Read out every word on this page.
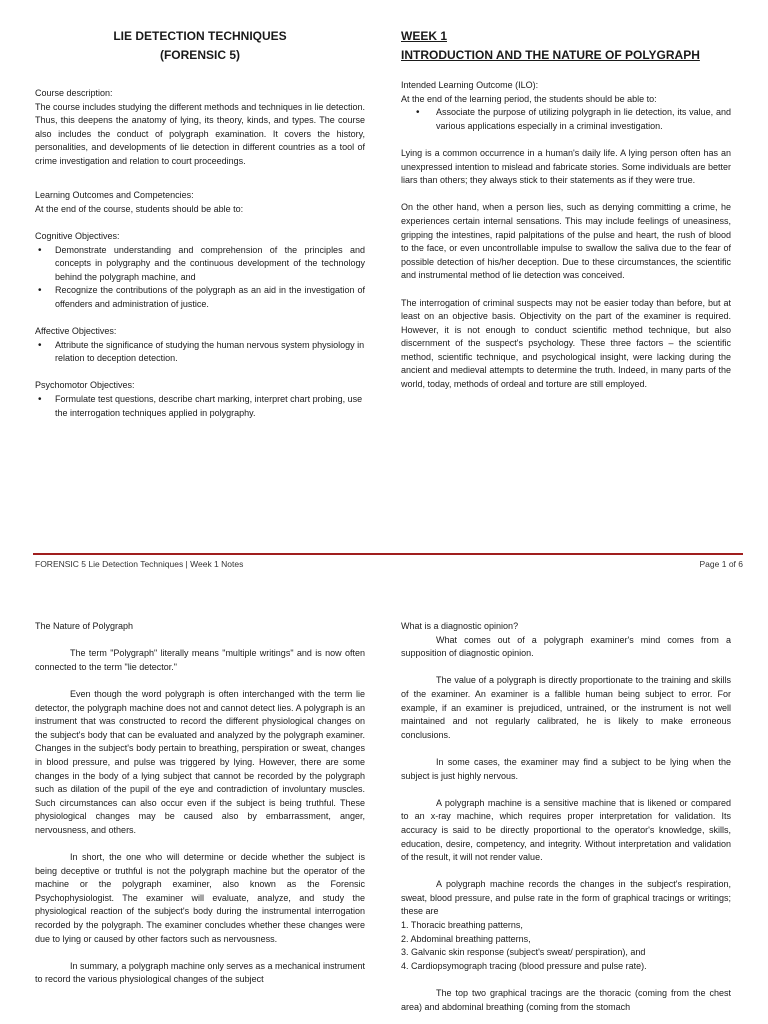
LIE DETECTION TECHNIQUES
(FORENSIC 5)

Course description:

The course includes studying the different methods and techniques in lie detection. Thus, this deepens the anatomy of lying, its theory, kinds, and types. The course also includes the conduct of polygraph examination. It covers the history, personalities, and developments of lie detection in different countries as a tool of crime investigation and relation to court proceedings.

Learning Outcomes and Competencies:

At the end of the course, students should be able to:

Cognitive Objectives:

• Demonstrate understanding and comprehension of the principles and concepts in polygraphy and the continuous development of the technology behind the polygraph machine, and
• Recognize the contributions of the polygraph as an aid in the investigation of offenders and administration of justice.

Affective Objectives:

• Attribute the significance of studying the human nervous system physiology in relation to deception detection.

Psychomotor Objectives:

• Formulate test questions, describe chart marking, interpret chart probing, use the interrogation techniques applied in polygraphy.
WEEK 1
INTRODUCTION AND THE NATURE OF POLYGRAPH

Intended Learning Outcome (ILO):

At the end of the learning period, the students should be able to:

• Associate the purpose of utilizing polygraph in lie detection, its value, and various applications especially in a criminal investigation.

Lying is a common occurrence in a human's daily life. A lying person often has an unexpressed intention to mislead and fabricate stories. Some individuals are better liars than others; they always stick to their statements as if they were true.

On the other hand, when a person lies, such as denying committing a crime, he experiences certain internal sensations. This may include feelings of uneasiness, gripping the intestines, rapid palpitations of the pulse and heart, the rush of blood to the face, or even uncontrollable impulse to swallow the saliva due to the fear of possible detection of his/her deception. Due to these circumstances, the scientific and instrumental method of lie detection was conceived.

The interrogation of criminal suspects may not be easier today than before, but at least on an objective basis. Objectivity on the part of the examiner is required. However, it is not enough to conduct scientific method technique, but also discernment of the suspect's psychology. These three factors – the scientific method, scientific technique, and psychological insight, were lacking during the ancient and medieval attempts to determine the truth. Indeed, in many parts of the world, today, methods of ordeal and torture are still employed.

FORENSIC 5 Lie Detection Techniques | Week 1 Notes	Page 1 of 6

The Nature of Polygraph

The term "Polygraph" literally means "multiple writings" and is now often connected to the term "lie detector."

Even though the word polygraph is often interchanged with the term lie detector, the polygraph machine does not and cannot detect lies. A polygraph is an instrument that was constructed to record the different physiological changes on the subject's body that can be evaluated and analyzed by the polygraph examiner. Changes in the subject's body pertain to breathing, perspiration or sweat, changes in blood pressure, and pulse was triggered by lying. However, there are some changes in the body of a lying subject that cannot be recorded by the polygraph such as dilation of the pupil of the eye and contradiction of involuntary muscles. Such circumstances can also occur even if the subject is being truthful. These physiological changes may be caused also by embarrassment, anger, nervousness, and others.

In short, the one who will determine or decide whether the subject is being deceptive or truthful is not the polygraph machine but the operator of the machine or the polygraph examiner, also known as the Forensic Psychophysiologist. The examiner will evaluate, analyze, and study the physiological reaction of the subject's body during the instrumental interrogation recorded by the polygraph. The examiner concludes whether these changes were due to lying or caused by other factors such as nervousness.

In summary, a polygraph machine only serves as a mechanical instrument to record the various physiological changes of the subject

What is a diagnostic opinion?

What comes out of a polygraph examiner's mind comes from a supposition of diagnostic opinion.

The value of a polygraph is directly proportionate to the training and skills of the examiner. An examiner is a fallible human being subject to error. For example, if an examiner is prejudiced, untrained, or the instrument is not well maintained and not regularly calibrated, he is likely to make erroneous conclusions.

In some cases, the examiner may find a subject to be lying when the subject is just highly nervous.

A polygraph machine is a sensitive machine that is likened or compared to an x-ray machine, which requires proper interpretation for validation. Its accuracy is said to be directly proportional to the operator's knowledge, skills, education, desire, competency, and integrity. Without interpretation and validation of the result, it will not render value.

A polygraph machine records the changes in the subject's respiration, sweat, blood pressure, and pulse rate in the form of graphical tracings or writings; these are

1. Thoracic breathing patterns,
2. Abdominal breathing patterns,
3. Galvanic skin response (subject's sweat/ perspiration), and
4. Cardiopsymograph tracing (blood pressure and pulse rate).

The top two graphical tracings are the thoracic (coming from the chest area) and abdominal breathing (coming from the stomach
